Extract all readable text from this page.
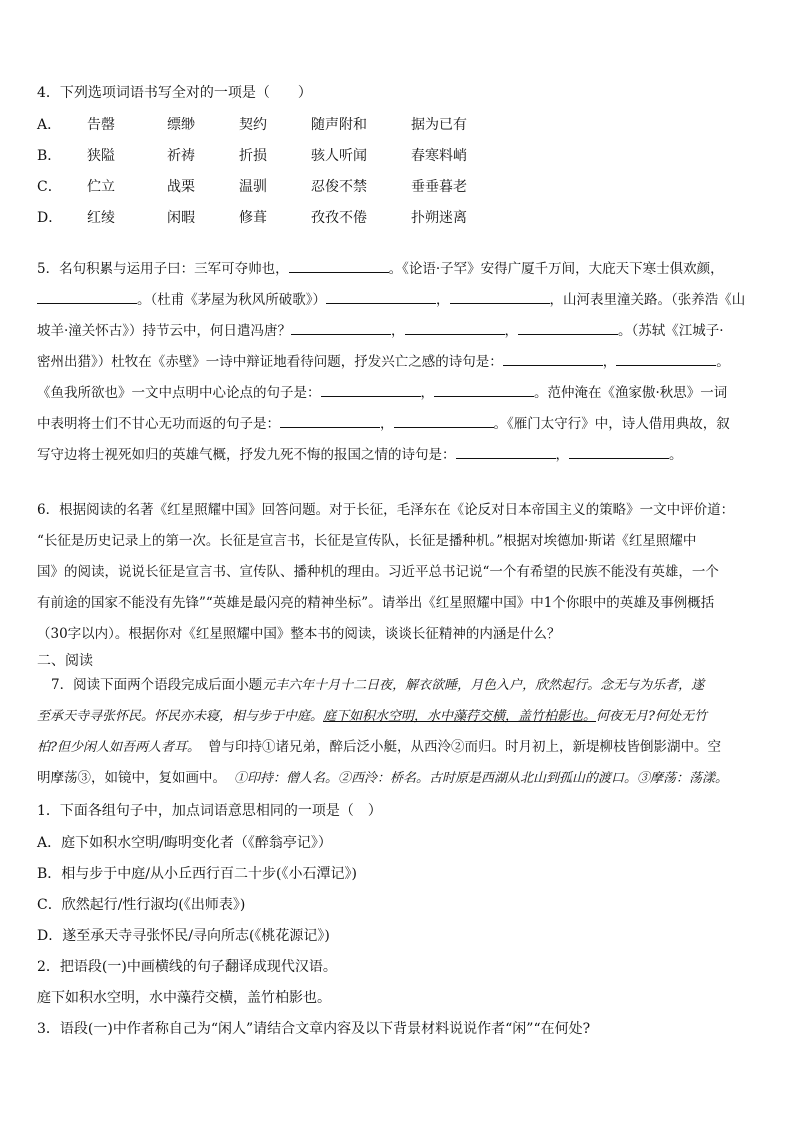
4．下列选项词语书写全对的一项是（　　）
A． 告罄	缥缈	契约	随声附和	据为已有
B． 狭隘	祈祷	折损	骇人听闻	春寒料峭
C． 伫立	战栗	温驯	忍俊不禁	垂垂暮老
D． 红绫	闲暇	修葺	孜孜不倦	扑朔迷离
5．名句积累与运用子曰：三军可夺帅也，	。《论语·子罕》安得广厦千万间，大庇天下寒士俱欢颜，
。（杜甫《茅屋为秋风所破歌》）	，	，山河表里潼关路。（张养浩《山
坡羊·潼关怀古》）持节云中，何日遣冯唐？	，	，	。（苏轼《江城子·
密州出猎》）杜牧在《赤壁》一诗中辩证地看待问题，抒发兴亡之感的诗句是：	，	。
《鱼我所欲也》一文中点明中心论点的句子是：	，	。范仲淹在《渔家傲·秋思》一词
中表明将士们不甘心无功而返的句子是：	，	。《雁门太守行》中，诗人借用典故，叙
写守边将士视死如归的英雄气概，抒发九死不悔的报国之情的诗句是：	，	。
6．根据阅读的名著《红星照耀中国》回答问题。对于长征，毛泽东在《论反对日本帝国主义的策略》一文中评价道：
“长征是历史记录上的第一次。长征是宣言书，长征是宣传队，长征是播种机。”根据对埃德加·斯诺《红星照耀中
国》的阅读，说说长征是宣言书、宣传队、播种机的理由。习近平总书记说“一个有希望的民族不能没有英雄，一个
有前途的国家不能没有先锋”“英雄是最闪亮的精神坐标”。请举出《红星照耀中国》中1个你眼中的英雄及事例概括
（30字以内）。根据你对《红星照耀中国》整本书的阅读，谈谈长征精神的内涵是什么？
二、阅读
7．阅读下面两个语段完成后面小题元丰六年十月十二日夜，解衣欲睡，月色入户，欣然起行。念无与为乐者，遂
至承天寺寻张怀民。怀民亦未寝，相与步于中庭。庭下如积水空明，水中藻荇交横，盖竹柏影也。何夜无月?何处无竹
柏?但少闲人如吾两人者耳。 曾与印持①诸兄弟，醉后泛小艇，从西泠②而归。时月初上，新堤柳枝皆倒影湖中。空
明摩荡③，如镜中，复如画中。 ①印持：僧人名。②西泠：桥名。古时原是西湖从北山到孤山的渡口。③摩荡：荡漾。
1．下面各组句子中，加点词语意思相同的一项是（　）
A．庭下如积水空明/晦明变化者（《醉翁亭记》）
B．相与步于中庭/从小丘西行百二十步(《小石潭记》)
C．欣然起行/性行淑均(《出师表》)
D．遂至承天寺寻张怀民/寻向所志(《桃花源记》)
2．把语段(一)中画横线的句子翻译成现代汉语。
庭下如积水空明，水中藻荇交横，盖竹柏影也。
3．语段(一)中作者称自己为“闲人”请结合文章内容及以下背景材料说说作者“闲”“在何处?
